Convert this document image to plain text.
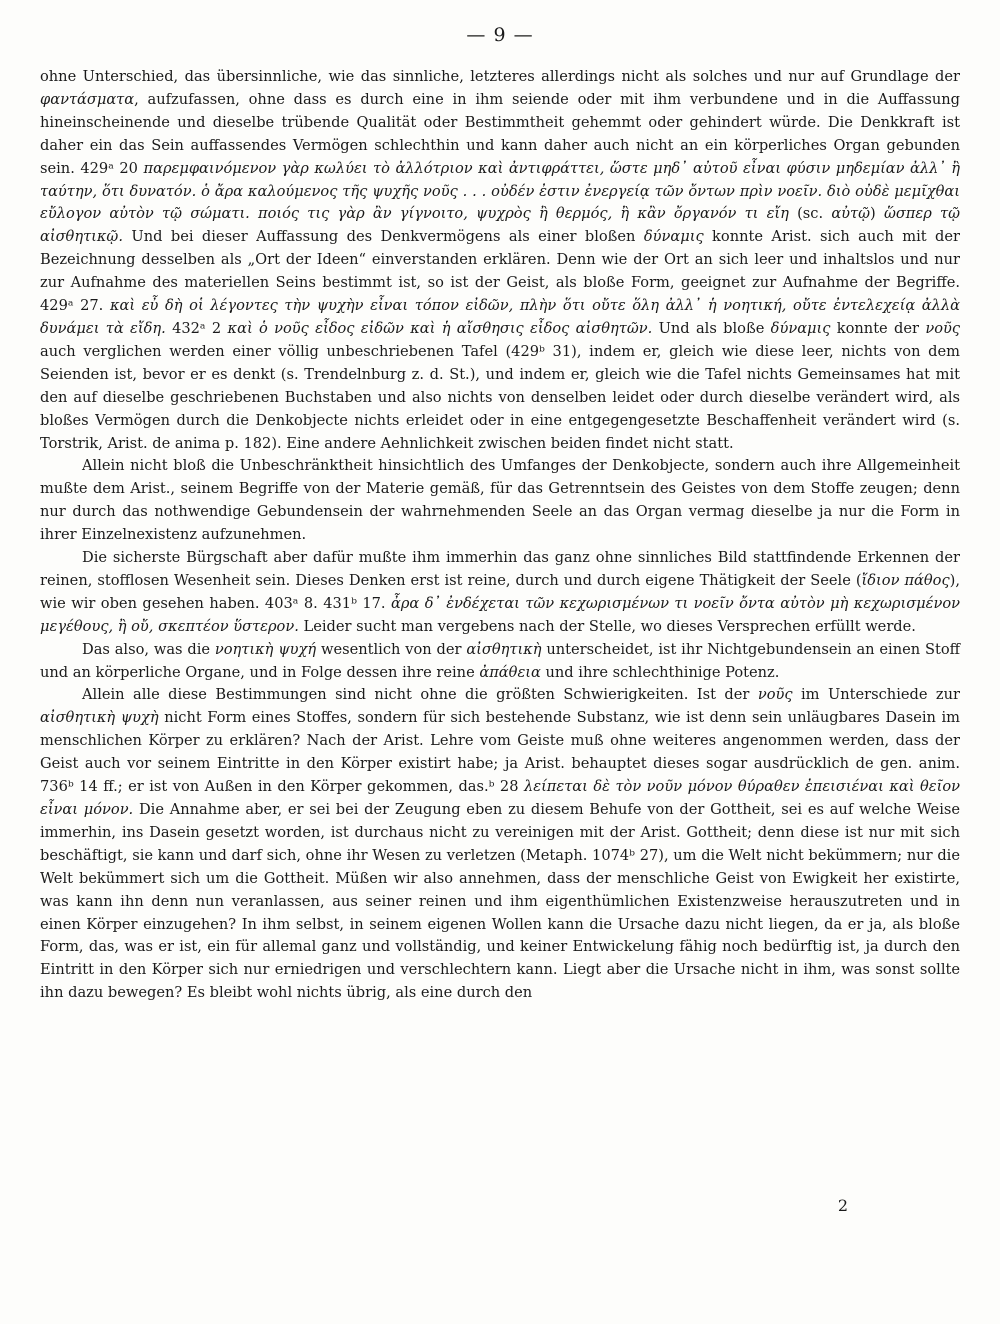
— 9 —

ohne Unterschied, das übersinnliche, wie das sinnliche, letzteres allerdings nicht als solches und nur auf Grundlage der φαντάσματα, aufzufassen, ohne dass es durch eine in ihm seiende oder mit ihm verbundene und in die Auffassung hineinscheinende und dieselbe trübende Qualität oder Bestimmtheit gehemmt oder gehindert würde. Die Denkkraft ist daher ein das Sein auffassendes Vermögen schlechthin und kann daher auch nicht an ein körperliches Organ gebunden sein. 429ᵃ 20 παρεμφαινόμενον γὰρ κωλύει τὸ ἀλλότριον καὶ ἀντιφράττει, ὥστε μηδ᾽ αὐτοῦ εἶναι φύσιν μηδεμίαν ἀλλ᾽ ἢ ταύτην, ὅτι δυνατόν. ὁ ἄρα καλούμενος τῆς ψυχῆς νοῦς . . . οὐδέν ἐστιν ἐνεργείᾳ τῶν ὄντων πρὶν νοεῖν. διὸ οὐδὲ μεμῖχθαι εὔλογον αὐτὸν τῷ σώματι. ποιός τις γὰρ ἂν γίγνοιτο, ψυχρὸς ἢ θερμός, ἢ κἂν ὄργανόν τι εἴη (sc. αὐτῷ) ὥσπερ τῷ αἰσθητικῷ. Und bei dieser Auffassung des Denkvermögens als einer bloßen δύναμις konnte Arist. sich auch mit der Bezeichnung desselben als „Ort der Ideen“ einverstanden erklären. Denn wie der Ort an sich leer und inhaltslos und nur zur Aufnahme des materiellen Seins bestimmt ist, so ist der Geist, als bloße Form, geeignet zur Aufnahme der Begriffe. 429ᵃ 27. καὶ εὖ δὴ οἱ λέγοντες τὴν ψυχὴν εἶναι τόπον εἰδῶν, πλὴν ὅτι οὔτε ὅλη ἀλλ᾽ ἡ νοητική, οὔτε ἐντελεχείᾳ ἀλλὰ δυνάμει τὰ εἴδη. 432ᵃ 2 καὶ ὁ νοῦς εἶδος εἰδῶν καὶ ἡ αἴσθησις εἶδος αἰσθητῶν. Und als bloße δύναμις konnte der νοῦς auch verglichen werden einer völlig unbeschriebenen Tafel (429ᵇ 31), indem er, gleich wie diese leer, nichts von dem Seienden ist, bevor er es denkt (s. Trendelnburg z. d. St.), und indem er, gleich wie die Tafel nichts Gemeinsames hat mit den auf dieselbe geschriebenen Buchstaben und also nichts von denselben leidet oder durch dieselbe verändert wird, als bloßes Vermögen durch die Denkobjecte nichts erleidet oder in eine entgegengesetzte Beschaffenheit verändert wird (s. Torstrik, Arist. de anima p. 182). Eine andere Aehnlichkeit zwischen beiden findet nicht statt.

Allein nicht bloß die Unbeschränktheit hinsichtlich des Umfanges der Denkobjecte, sondern auch ihre Allgemeinheit mußte dem Arist., seinem Begriffe von der Materie gemäß, für das Getrenntsein des Geistes von dem Stoffe zeugen; denn nur durch das nothwendige Gebundensein der wahrnehmenden Seele an das Organ vermag dieselbe ja nur die Form in ihrer Einzelnexistenz aufzunehmen.

Die sicherste Bürgschaft aber dafür mußte ihm immerhin das ganz ohne sinnliches Bild stattfindende Erkennen der reinen, stofflosen Wesenheit sein. Dieses Denken erst ist reine, durch und durch eigene Thätigkeit der Seele (ἴδιον πάθος), wie wir oben gesehen haben. 403ᵃ 8. 431ᵇ 17. ἆρα δ᾽ ἐνδέχεται τῶν κεχωρισμένων τι νοεῖν ὄντα αὐτὸν μὴ κεχωρισμένον μεγέθους, ἢ οὔ, σκεπτέον ὕστερον. Leider sucht man vergebens nach der Stelle, wo dieses Versprechen erfüllt werde.

Das also, was die νοητικὴ ψυχή wesentlich von der αἰσθητικὴ unterscheidet, ist ihr Nichtgebundensein an einen Stoff und an körperliche Organe, und in Folge dessen ihre reine ἀπάθεια und ihre schlechthinige Potenz.

Allein alle diese Bestimmungen sind nicht ohne die größten Schwierigkeiten. Ist der νοῦς im Unterschiede zur αἰσθητικὴ ψυχὴ nicht Form eines Stoffes, sondern für sich bestehende Substanz, wie ist denn sein unläugbares Dasein im menschlichen Körper zu erklären? Nach der Arist. Lehre vom Geiste muß ohne weiteres angenommen werden, dass der Geist auch vor seinem Eintritte in den Körper existirt habe; ja Arist. behauptet dieses sogar ausdrücklich de gen. anim. 736ᵇ 14 ff.; er ist von Außen in den Körper gekommen, das.ᵇ 28 λείπεται δὲ τὸν νοῦν μόνον θύραθεν ἐπεισιέναι καὶ θεῖον εἶναι μόνον. Die Annahme aber, er sei bei der Zeugung eben zu diesem Behufe von der Gottheit, sei es auf welche Weise immerhin, ins Dasein gesetzt worden, ist durchaus nicht zu vereinigen mit der Arist. Gottheit; denn diese ist nur mit sich beschäftigt, sie kann und darf sich, ohne ihr Wesen zu verletzen (Metaph. 1074ᵇ 27), um die Welt nicht bekümmern; nur die Welt bekümmert sich um die Gottheit. Müßen wir also annehmen, dass der menschliche Geist von Ewigkeit her existirte, was kann ihn denn nun veranlassen, aus seiner reinen und ihm eigenthümlichen Existenzweise herauszutreten und in einen Körper einzugehen? In ihm selbst, in seinem eigenen Wollen kann die Ursache dazu nicht liegen, da er ja, als bloße Form, das, was er ist, ein für allemal ganz und vollständig, und keiner Entwickelung fähig noch bedürftig ist, ja durch den Eintritt in den Körper sich nur erniedrigen und verschlechtern kann. Liegt aber die Ursache nicht in ihm, was sonst sollte ihn dazu bewegen? Es bleibt wohl nichts übrig, als eine durch den

2
